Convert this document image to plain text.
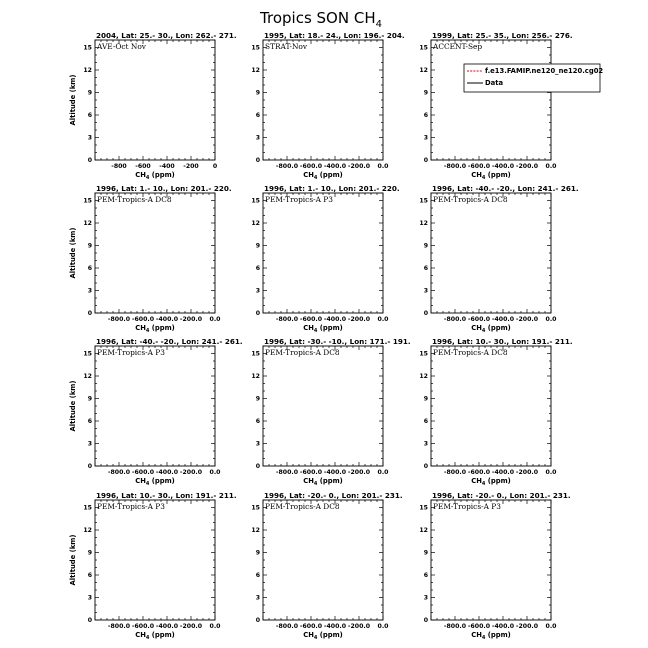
Tropics SON $CH_4$
2004, Lat: 25.- 30., Lon: 262.- 271.
AVE-Oct Nov
0
3
6
9
12
15
-800 -600 -400 -200 0
$CH_4$ (ppm)
Altitude (km)
1995, Lat: 18.- 24., Lon: 196.- 204.
STRAT-Nov
0
3
6
9
12
15
-800.0 -600.0 -400.0 -200.0 0.0
$CH_4$ (ppm)
1999, Lat: 25.- 35., Lon: 256.- 276.
ACCENT-Sep
0
3
6
9
12
15
-800.0 -600.0 -400.0 -200.0 0.0
$CH_4$ (ppm)
f.e13.FAMIP.ne120_ne120.cg02
Data
1996, Lat: 1.- 10., Lon: 201.- 220.
PEM-Tropics-A DC8
0
3
6
9
12
15
-800.0 -600.0 -400.0 -200.0 0.0
$CH_4$ (ppm)
Altitude (km)
1996, Lat: 1.- 10., Lon: 201.- 220.
PEM-Tropics-A P3
0
3
6
9
12
15
-800.0 -600.0 -400.0 -200.0 0.0
$CH_4$ (ppm)
1996, Lat: -40.- -20., Lon: 241.- 261.
PEM-Tropics-A DC8
0
3
6
9
12
15
-800.0 -600.0 -400.0 -200.0 0.0
$CH_4$ (ppm)
1996, Lat: -40.- -20., Lon: 241.- 261.
PEM-Tropics-A P3
0
3
6
9
12
15
-800.0 -600.0 -400.0 -200.0 0.0
$CH_4$ (ppm)
Altitude (km)
1996, Lat: -30.- -10., Lon: 171.- 191.
PEM-Tropics-A DC8
0
3
6
9
12
15
-800.0 -600.0 -400.0 -200.0 0.0
$CH_4$ (ppm)
1996, Lat: 10.- 30., Lon: 191.- 211.
PEM-Tropics-A DC8
0
3
6
9
12
15
-800.0 -600.0 -400.0 -200.0 0.0
$CH_4$ (ppm)
1996, Lat: 10.- 30., Lon: 191.- 211.
PEM-Tropics-A P3
0
3
6
9
12
15
-800.0 -600.0 -400.0 -200.0 0.0
$CH_4$ (ppm)
Altitude (km)
1996, Lat: -20.- 0., Lon: 201.- 231.
PEM-Tropics-A DC8
0
3
6
9
12
15
-800.0 -600.0 -400.0 -200.0 0.0
$CH_4$ (ppm)
1996, Lat: -20.- 0., Lon: 201.- 231.
PEM-Tropics-A P3
0
3
6
9
12
15
-800.0 -600.0 -400.0 -200.0 0.0
$CH_4$ (ppm)
